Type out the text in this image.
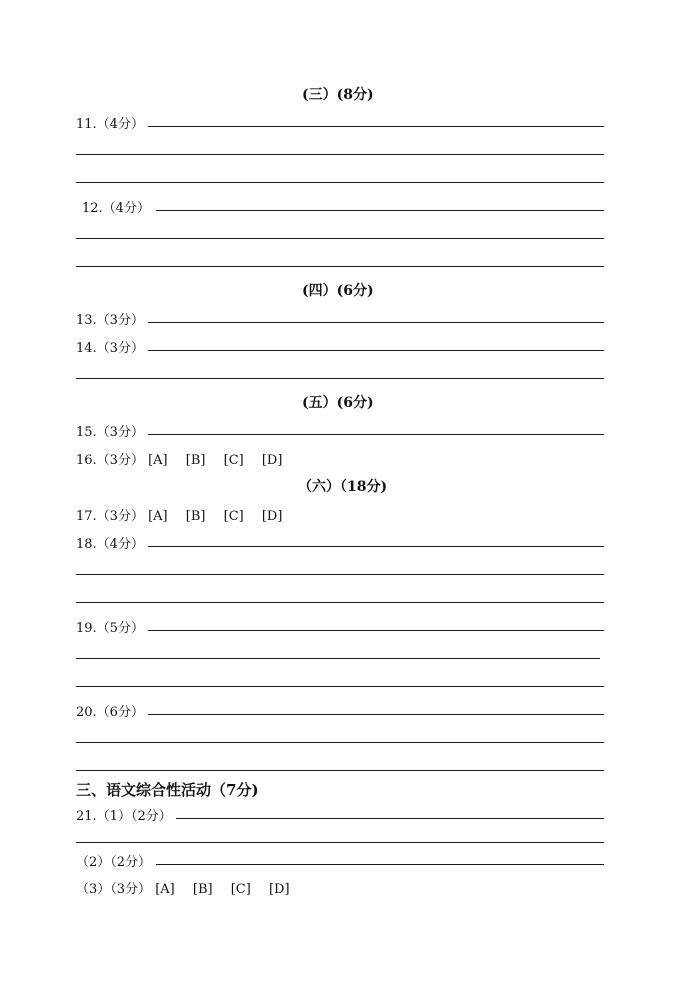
(三）(8分)
11.（4分）
12.（4分）
(四）(6分)
13.（3分）
14.（3分）
(五）(6分)
15.（3分）
16.（3分） [A] [B] [C] [D]
（六）（18分)
17.（3分） [A] [B] [C] [D]
18.（4分）
19.（5分）
20.（6分）
三、语文综合性活动（7分)
21.（1）（2分）
（2）（2分）
（3）（3分） [A] [B] [C] [D]
